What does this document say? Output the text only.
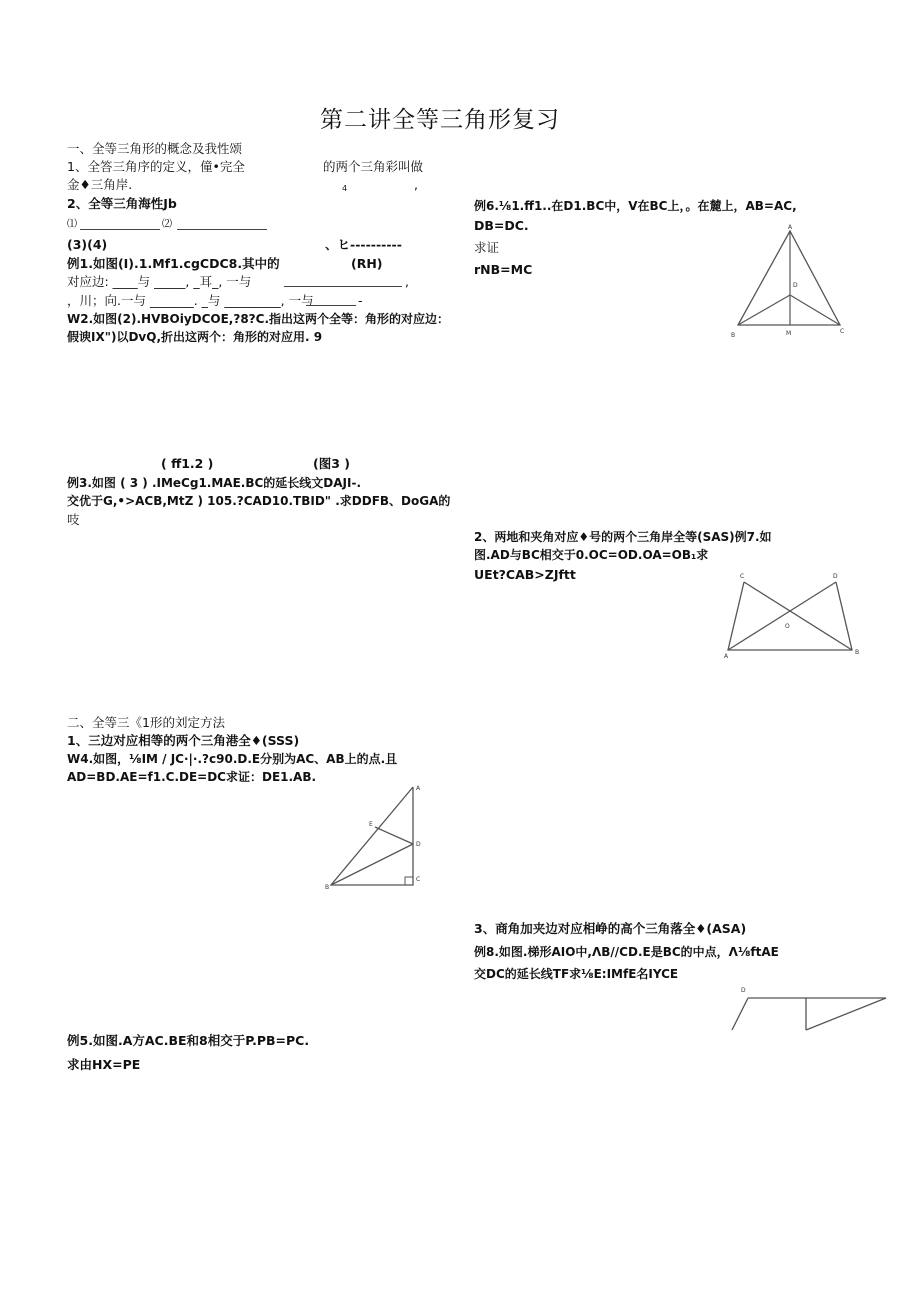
第二讲全等三角形复习
一、全等三角形的概念及我性颂
1、全答三角序的定义，僮•完全	的两个三角彩叫做
金♦三角岸.	4	,
2、全等三角海性Jb
⑴	⑵
(3)(4)	、ヒ----------
例1.如图(I).1.Mf1.cgCDC8.其中的	(RH)
对应边: ____与 _____, _耳_, 一与	,
，川；向.一与 _______. _与 _________, 一与	-
W2.如图(2).HVBOiyDCOE,?8?C.指出这两个全等：角形的对应边：
假谀IX")以DvQ,折出这两个：角形的对应用. 9
( ff1.2 )	(图3 )
例3.如图 ( 3 ) .IMeCg1.MAE.BC的延长线文DAJI-.
交优于G,•>ACB,MtZ ) 105.?CAD10.TBID" .求DDFB、DoGA的
吱
二、全等三《1形的刘定方法
1、三边对应相等的两个三角港全♦(SSS)
W4.如图，⅛IM / JC·|·.?c90.D.E分别为AC、AB上的点.且
AD=BD.AE=f1.C.DE=DC求证：DE1.AB.
A
E
D
B
C
例5.如图.A方AC.BE和8相交于P.PB=PC.
求由HX=PE
例6.⅛1.ff1..在D1.BC中，V在BC上，。在麓上，AB=AC,
DB=DC.
求证
rNB=MC
A
D
B	M	C
2、两地和夹角对应♦号的两个三角岸全等(SAS)例7.如
图.AD与BC相交于0.OC=OD.OA=OB₁求
UEt?CAB>ZJftt	C	D
O
A
B
3、商角加夹边对应相峥的高个三角落全♦(ASA)
例8.如图.梯形AIO中,ΛB//CD.E是BC的中点，Λ⅛ftAE
交DC的延长线TF求⅛E:IMfE名IYCE
D
